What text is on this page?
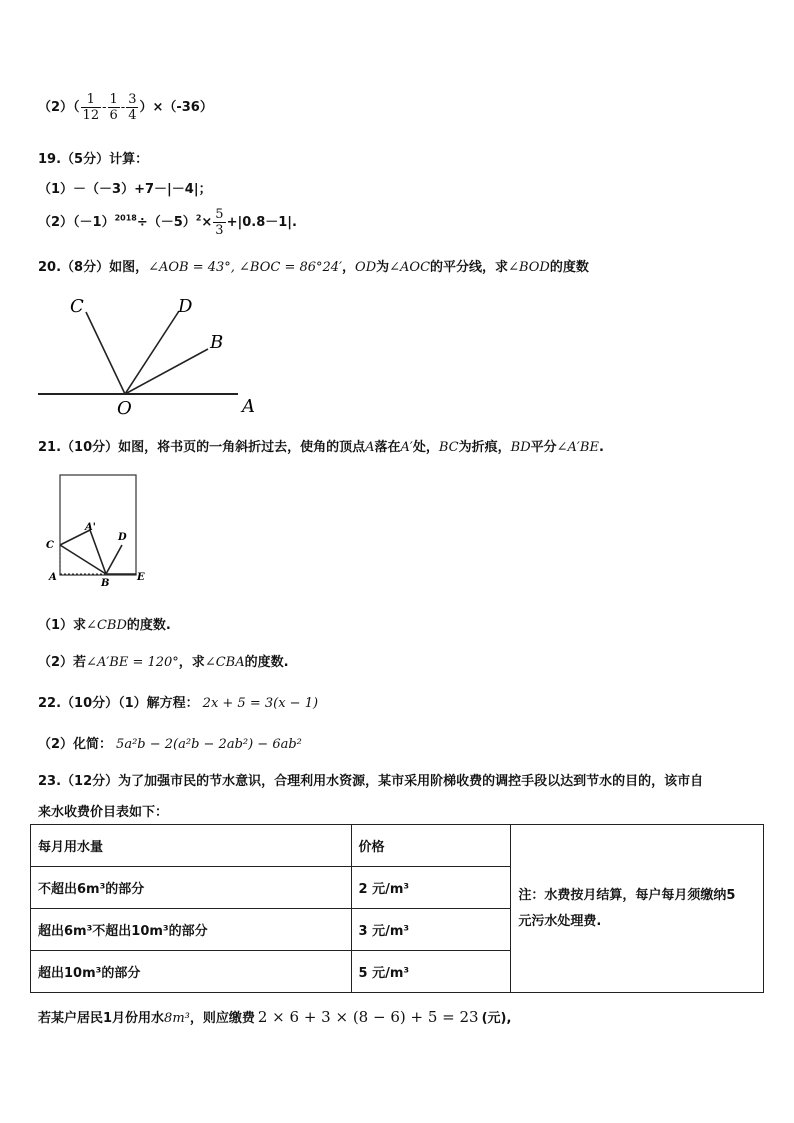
$(2)( \frac{1}{12} - \frac{1}{6} - \frac{3}{4} )\times(-36)$
19.（5分）计算：
（1）－（－3）+7－|－4|；
$(2)(-1)^{2018}\div(-5)^2\times \frac{5}{3} +|0.8-1|$.
20.（8分）如图，∠AOB = 43°, ∠BOC = 86°24′，OD为∠AOC的平分线，求∠BOD的度数
C	D
B
O	A
21.（10分）如图，将书页的一角斜折过去，使角的顶点A落在A′处，BC为折痕，BD平分∠A′BE.
A'
D
C
A
B
E
（1）求∠CBD的度数.
（2）若∠A′BE = 120°，求∠CBA的度数.
22.（10分）（1）解方程： 2x + 5 = 3(x − 1)
（2）化简： 5a²b − 2(a²b − 2ab²) − 6ab²
23.（12分）为了加强市民的节水意识，合理利用水资源，某市采用阶梯收费的调控手段以达到节水的目的，该市自
来水收费价目表如下：
每月用水量	价格	注：水费按月结算，每户每月须缴纳5
元污水处理费.
不超出6m³的部分	2 元/m³	
超出6m³不超出10m³的部分	3 元/m³	
超出10m³的部分	5 元/m³	
若某户居民1月份用水8m³，则应缴费 2 × 6 + 3 × (8 − 6) + 5 = 23 (元),
